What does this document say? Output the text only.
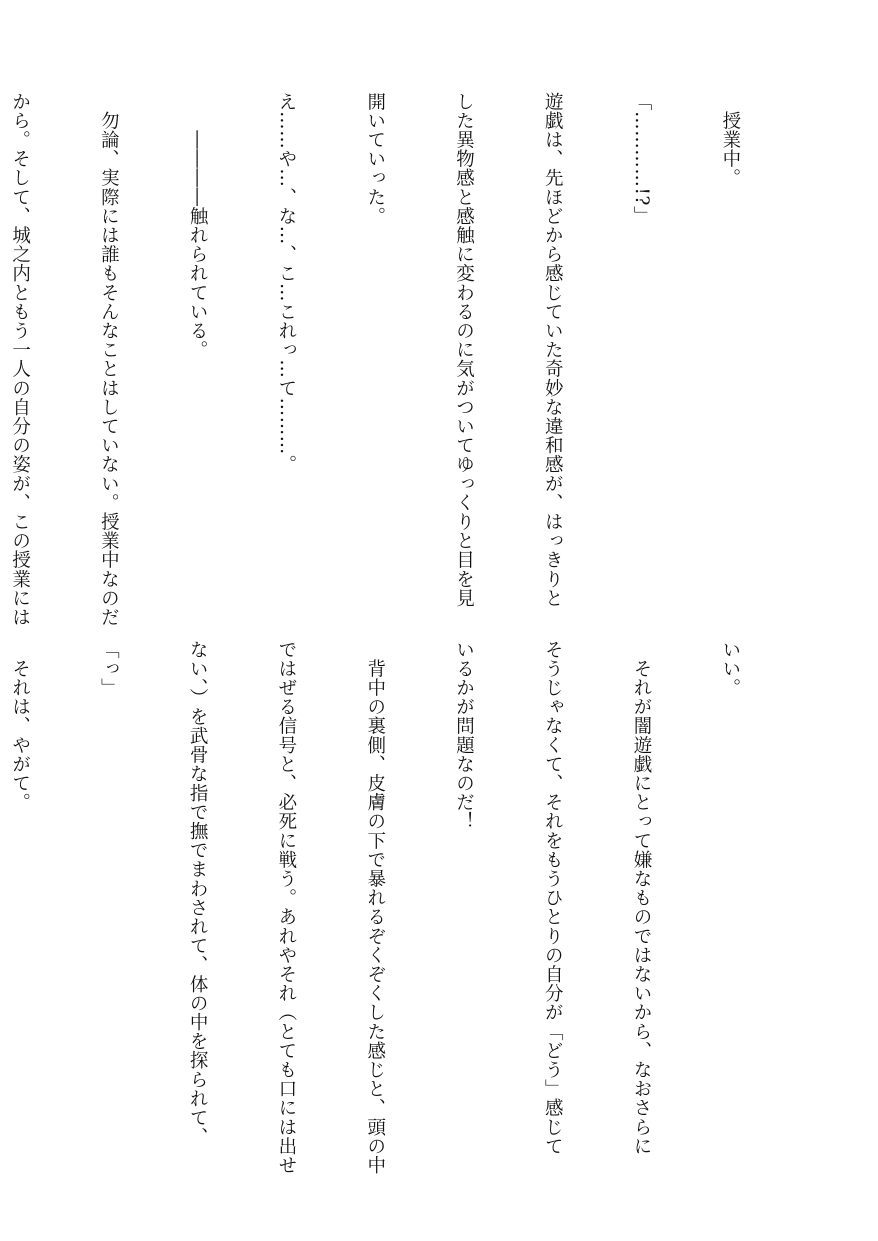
　授業中。

「…………!?」

遊戯は、先ほどから感じていた奇妙な違和感が、はっきりと

した異物感と感触に変わるのに気がついてゆっくりと目を見

開いていった。

え……や…、な…、こ…これっ…て………。

　　――――触れられている。

　勿論、実際には誰もそんなことはしていない。授業中なのだ

から。そして、城之内ともう一人の自分の姿が、この授業には

いい。

　それが闇遊戯にとって嫌なものではないから、なおさらに

そうじゃなくて、それをもうひとりの自分が「どう」感じて

いるかが問題なのだ！

　背中の裏側、皮膚の下で暴れるぞくぞくした感じと、頭の中

ではぜる信号と、必死に戦う。あれやそれ（とても口には出せ

ない、）を武骨な指で撫でまわされて、体の中を探られて、

「っ」

　それは、やがて。
